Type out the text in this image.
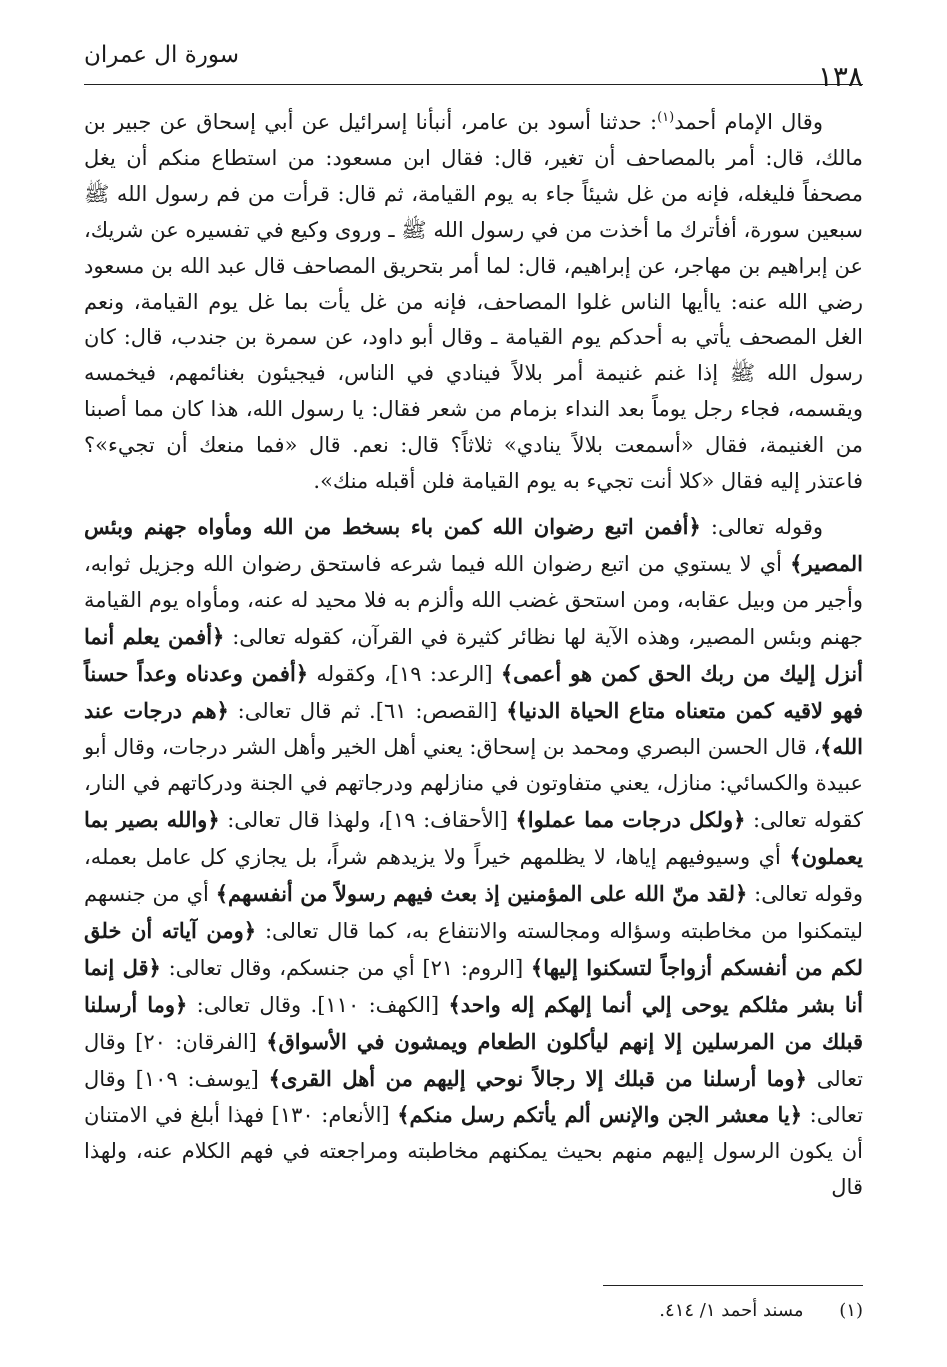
سورة ال عمران
١٣٨

وقال الإمام أحمد$^{(١)}$: حدثنا أسود بن عامر، أنبأنا إسرائيل عن أبي إسحاق عن جبير بن مالك، قال: أمر بالمصاحف أن تغير، قال: فقال ابن مسعود: من استطاع منكم أن يغل مصحفاً فليغله، فإنه من غل شيئاً جاء به يوم القيامة، ثم قال: قرأت من فم رسول الله ﷺ سبعين سورة، أفأترك ما أخذت من في رسول الله ﷺ ـ وروى وكيع في تفسيره عن شريك، عن إبراهيم بن مهاجر، عن إبراهيم، قال: لما أمر بتحريق المصاحف قال عبد الله بن مسعود رضي الله عنه: ياأيها الناس غلوا المصاحف، فإنه من غل يأت بما غل يوم القيامة، ونعم الغل المصحف يأتي به أحدكم يوم القيامة ـ وقال أبو داود، عن سمرة بن جندب، قال: كان رسول الله ﷺ إذا غنم غنيمة أمر بلالاً فينادي في الناس، فيجيئون بغنائمهم، فيخمسه ويقسمه، فجاء رجل يوماً بعد النداء بزمام من شعر فقال: يا رسول الله، هذا كان مما أصبنا من الغنيمة، فقال «أسمعت بلالاً ينادي» ثلاثاً؟ قال: نعم. قال «فما منعك أن تجيء»؟ فاعتذر إليه فقال «كلا أنت تجيء به يوم القيامة فلن أقبله منك».

وقوله تعالى: ﴿أفمن اتبع رضوان الله كمن باء بسخط من الله ومأواه جهنم وبئس المصير﴾ أي لا يستوي من اتبع رضوان الله فيما شرعه فاستحق رضوان الله وجزيل ثوابه، وأجير من وبيل عقابه، ومن استحق غضب الله وألزم به فلا محيد له عنه، ومأواه يوم القيامة جهنم وبئس المصير، وهذه الآية لها نظائر كثيرة في القرآن، كقوله تعالى: ﴿أفمن يعلم أنما أنزل إليك من ربك الحق كمن هو أعمى﴾ [الرعد: ١٩]، وكقوله ﴿أفمن وعدناه وعداً حسناً فهو لاقيه كمن متعناه متاع الحياة الدنيا﴾ [القصص: ٦١]. ثم قال تعالى: ﴿هم درجات عند الله﴾، قال الحسن البصري ومحمد بن إسحاق: يعني أهل الخير وأهل الشر درجات، وقال أبو عبيدة والكسائي: منازل، يعني متفاوتون في منازلهم ودرجاتهم في الجنة ودركاتهم في النار، كقوله تعالى: ﴿ولكل درجات مما عملوا﴾ [الأحقاف: ١٩]، ولهذا قال تعالى: ﴿والله بصير بما يعملون﴾ أي وسيوفيهم إياها، لا يظلمهم خيراً ولا يزيدهم شراً، بل يجازي كل عامل بعمله، وقوله تعالى: ﴿لقد منّ الله على المؤمنين إذ بعث فيهم رسولاً من أنفسهم﴾ أي من جنسهم ليتمكنوا من مخاطبته وسؤاله ومجالسته والانتفاع به، كما قال تعالى: ﴿ومن آياته أن خلق لكم من أنفسكم أزواجاً لتسكنوا إليها﴾ [الروم: ٢١] أي من جنسكم، وقال تعالى: ﴿قل إنما أنا بشر مثلكم يوحى إلي أنما إلهكم إله واحد﴾ [الكهف: ١١٠]. وقال تعالى: ﴿وما أرسلنا قبلك من المرسلين إلا إنهم ليأكلون الطعام ويمشون في الأسواق﴾ [الفرقان: ٢٠] وقال تعالى ﴿وما أرسلنا من قبلك إلا رجالاً نوحي إليهم من أهل القرى﴾ [يوسف: ١٠٩] وقال تعالى: ﴿يا معشر الجن والإنس ألم يأتكم رسل منكم﴾ [الأنعام: ١٣٠] فهذا أبلغ في الامتنان أن يكون الرسول إليهم منهم بحيث يمكنهم مخاطبته ومراجعته في فهم الكلام عنه، ولهذا قال

(١) مسند أحمد ١/ ٤١٤.
